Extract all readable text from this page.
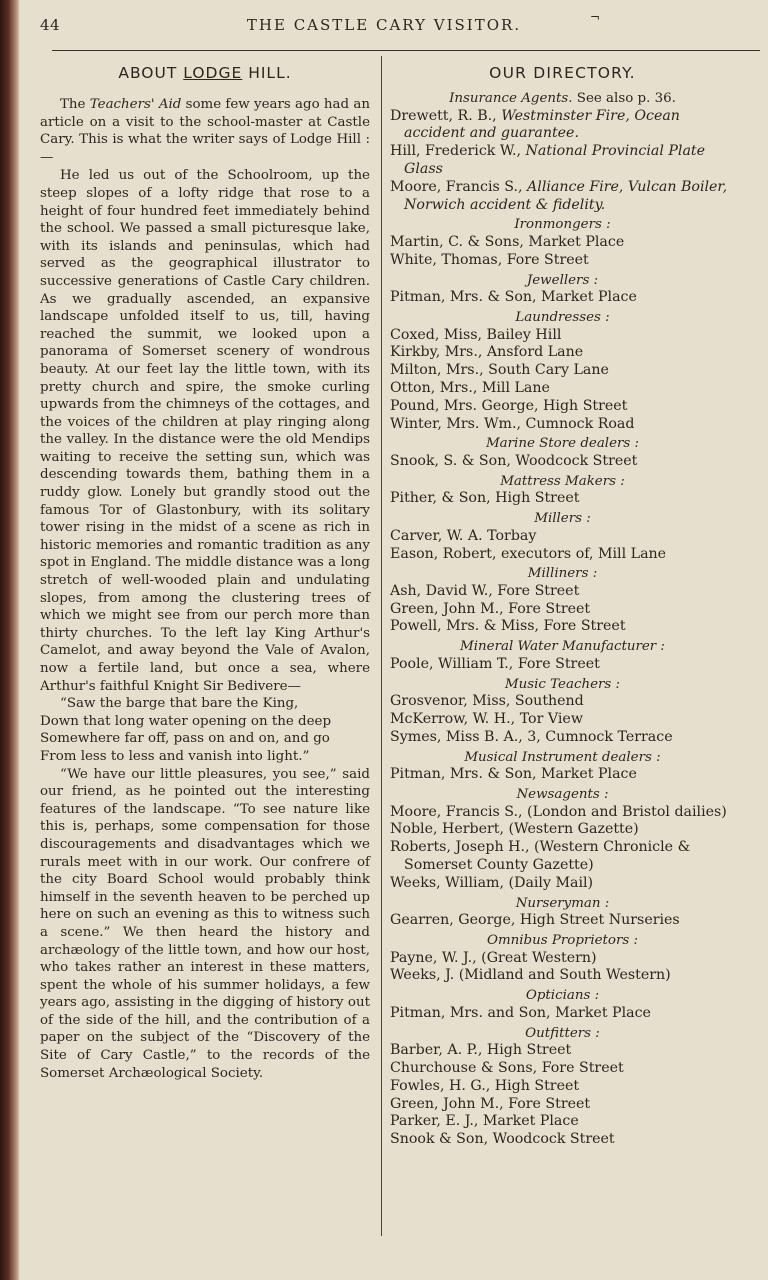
44	THE CASTLE CARY VISITOR.	¬
ABOUT LODGE HILL.

The Teachers' Aid some few years ago had an article on a visit to the school-master at Castle Cary. This is what the writer says of Lodge Hill :—

He led us out of the Schoolroom, up the steep slopes of a lofty ridge that rose to a height of four hundred feet immediately behind the school. We passed a small picturesque lake, with its islands and peninsulas, which had served as the geographical illustrator to successive generations of Castle Cary children. As we gradually ascended, an expansive landscape unfolded itself to us, till, having reached the summit, we looked upon a panorama of Somerset scenery of wondrous beauty. At our feet lay the little town, with its pretty church and spire, the smoke curling upwards from the chimneys of the cottages, and the voices of the children at play ringing along the valley. In the distance were the old Mendips waiting to receive the setting sun, which was descending towards them, bathing them in a ruddy glow. Lonely but grandly stood out the famous Tor of Glastonbury, with its solitary tower rising in the midst of a scene as rich in historic memories and romantic tradition as any spot in England. The middle distance was a long stretch of well-wooded plain and undulating slopes, from among the clustering trees of which we might see from our perch more than thirty churches. To the left lay King Arthur's Camelot, and away beyond the Vale of Avalon, now a fertile land, but once a sea, where Arthur's faithful Knight Sir Bedivere—

“Saw the barge that bare the King,
Down that long water opening on the deep
Somewhere far off, pass on and on, and go
From less to less and vanish into light.”

“We have our little pleasures, you see,” said our friend, as he pointed out the interesting features of the landscape. “To see nature like this is, perhaps, some compensation for those discouragements and disadvantages which we rurals meet with in our work. Our confrere of the city Board School would probably think himself in the seventh heaven to be perched up here on such an evening as this to witness such a scene.” We then heard the history and archæology of the little town, and how our host, who takes rather an interest in these matters, spent the whole of his summer holidays, a few years ago, assisting in the digging of history out of the side of the hill, and the contribution of a paper on the subject of the “Discovery of the Site of Cary Castle,” to the records of the Somerset Archæological Society.

OUR DIRECTORY.
Insurance Agents. See also p. 36.
Drewett, R. B., Westminster Fire, Ocean accident and guarantee.
Hill, Frederick W., National Provincial Plate Glass
Moore, Francis S., Alliance Fire, Vulcan Boiler, Norwich accident & fidelity.
Ironmongers :
Martin, C. & Sons, Market Place
White, Thomas, Fore Street
Jewellers :
Pitman, Mrs. & Son, Market Place
Laundresses :
Coxed, Miss, Bailey Hill
Kirkby, Mrs., Ansford Lane
Milton, Mrs., South Cary Lane
Otton, Mrs., Mill Lane
Pound, Mrs. George, High Street
Winter, Mrs. Wm., Cumnock Road
Marine Store dealers :
Snook, S. & Son, Woodcock Street
Mattress Makers :
Pither, & Son, High Street
Millers :
Carver, W. A. Torbay
Eason, Robert, executors of, Mill Lane
Milliners :
Ash, David W., Fore Street
Green, John M., Fore Street
Powell, Mrs. & Miss, Fore Street
Mineral Water Manufacturer :
Poole, William T., Fore Street
Music Teachers :
Grosvenor, Miss, Southend
McKerrow, W. H., Tor View
Symes, Miss B. A., 3, Cumnock Terrace
Musical Instrument dealers :
Pitman, Mrs. & Son, Market Place
Newsagents :
Moore, Francis S., (London and Bristol dailies)
Noble, Herbert, (Western Gazette)
Roberts, Joseph H., (Western Chronicle & Somerset County Gazette)
Weeks, William, (Daily Mail)
Nurseryman :
Gearren, George, High Street Nurseries
Omnibus Proprietors :
Payne, W. J., (Great Western)
Weeks, J. (Midland and South Western)
Opticians :
Pitman, Mrs. and Son, Market Place
Outfitters :
Barber, A. P., High Street
Churchouse & Sons, Fore Street
Fowles, H. G., High Street
Green, John M., Fore Street
Parker, E. J., Market Place
Snook & Son, Woodcock Street
